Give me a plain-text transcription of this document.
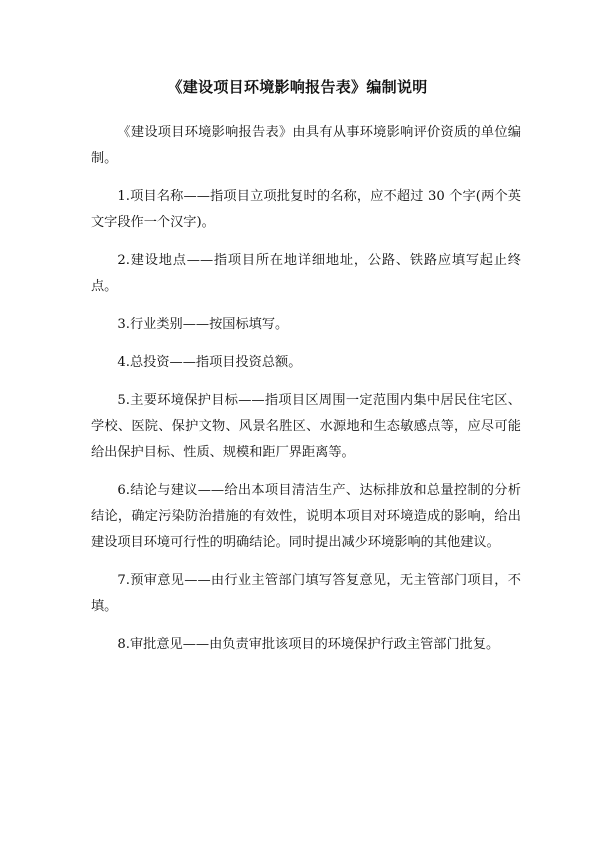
《建设项目环境影响报告表》编制说明

《建设项目环境影响报告表》由具有从事环境影响评价资质的单位编制。

1.项目名称——指项目立项批复时的名称，应不超过 30 个字(两个英文字段作一个汉字)。

2.建设地点——指项目所在地详细地址，公路、铁路应填写起止终点。

3.行业类别——按国标填写。

4.总投资——指项目投资总额。

5.主要环境保护目标——指项目区周围一定范围内集中居民住宅区、学校、医院、保护文物、风景名胜区、水源地和生态敏感点等，应尽可能给出保护目标、性质、规模和距厂界距离等。

6.结论与建议——给出本项目清洁生产、达标排放和总量控制的分析结论，确定污染防治措施的有效性，说明本项目对环境造成的影响，给出建设项目环境可行性的明确结论。同时提出减少环境影响的其他建议。

7.预审意见——由行业主管部门填写答复意见，无主管部门项目，不填。

8.审批意见——由负责审批该项目的环境保护行政主管部门批复。
